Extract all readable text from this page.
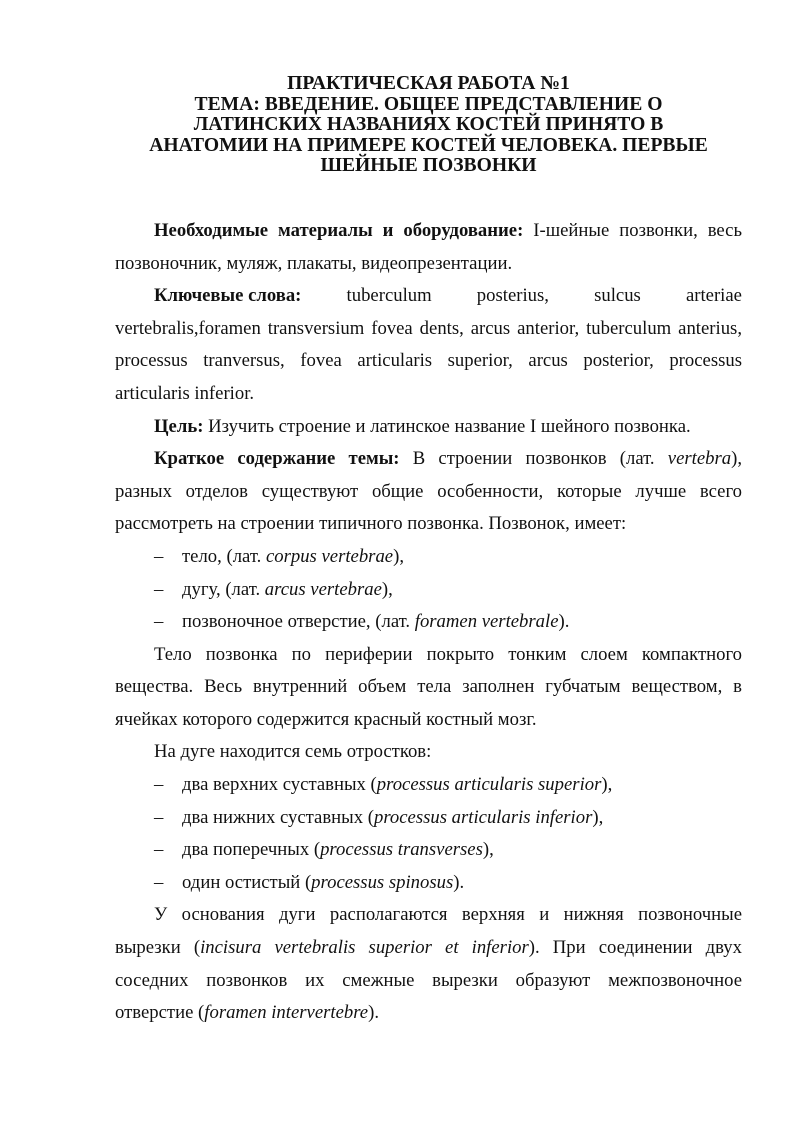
ПРАКТИЧЕСКАЯ РАБОТА №1
ТЕМА: ВВЕДЕНИЕ. ОБЩЕЕ ПРЕДСТАВЛЕНИЕ О
ЛАТИНСКИХ НАЗВАНИЯХ КОСТЕЙ ПРИНЯТО В
АНАТОМИИ НА ПРИМЕРЕ КОСТЕЙ ЧЕЛОВЕКА. ПЕРВЫЕ
ШЕЙНЫЕ ПОЗВОНКИ

Необходимые материалы и оборудование: I-шейные позвонки, весь позвоночник, муляж, плакаты, видеопрезентации.

Ключевые слова: tuberculum posterius, sulcus arteriae

vertebralis,foramen transversium fovea dents, arcus anterior, tuberculum anterius, processus tranversus, fovea articularis superior, arcus posterior, processus articularis inferior.

Цель: Изучить строение и латинское название I шейного позвонка.

Краткое содержание темы: В строении позвонков (лат. vertebra), разных отделов существуют общие особенности, которые лучше всего рассмотреть на строении типичного позвонка. Позвонок, имеет:

– тело, (лат. corpus vertebrae),
– дугу, (лат. arcus vertebrae),
– позвоночное отверстие, (лат. foramen vertebrale).

Тело позвонка по периферии покрыто тонким слоем компактного вещества. Весь внутренний объем тела заполнен губчатым веществом, в ячейках которого содержится красный костный мозг.

На дуге находится семь отростков:

– два верхних суставных (processus articularis superior),
– два нижних суставных (processus articularis inferior),
– два поперечных (processus transverses),
– один остистый (processus spinosus).

У основания дуги располагаются верхняя и нижняя позвоночные вырезки (incisura vertebralis superior et inferior). При соединении двух соседних позвонков их смежные вырезки образуют межпозвоночное отверстие (foramen intervertebre).
